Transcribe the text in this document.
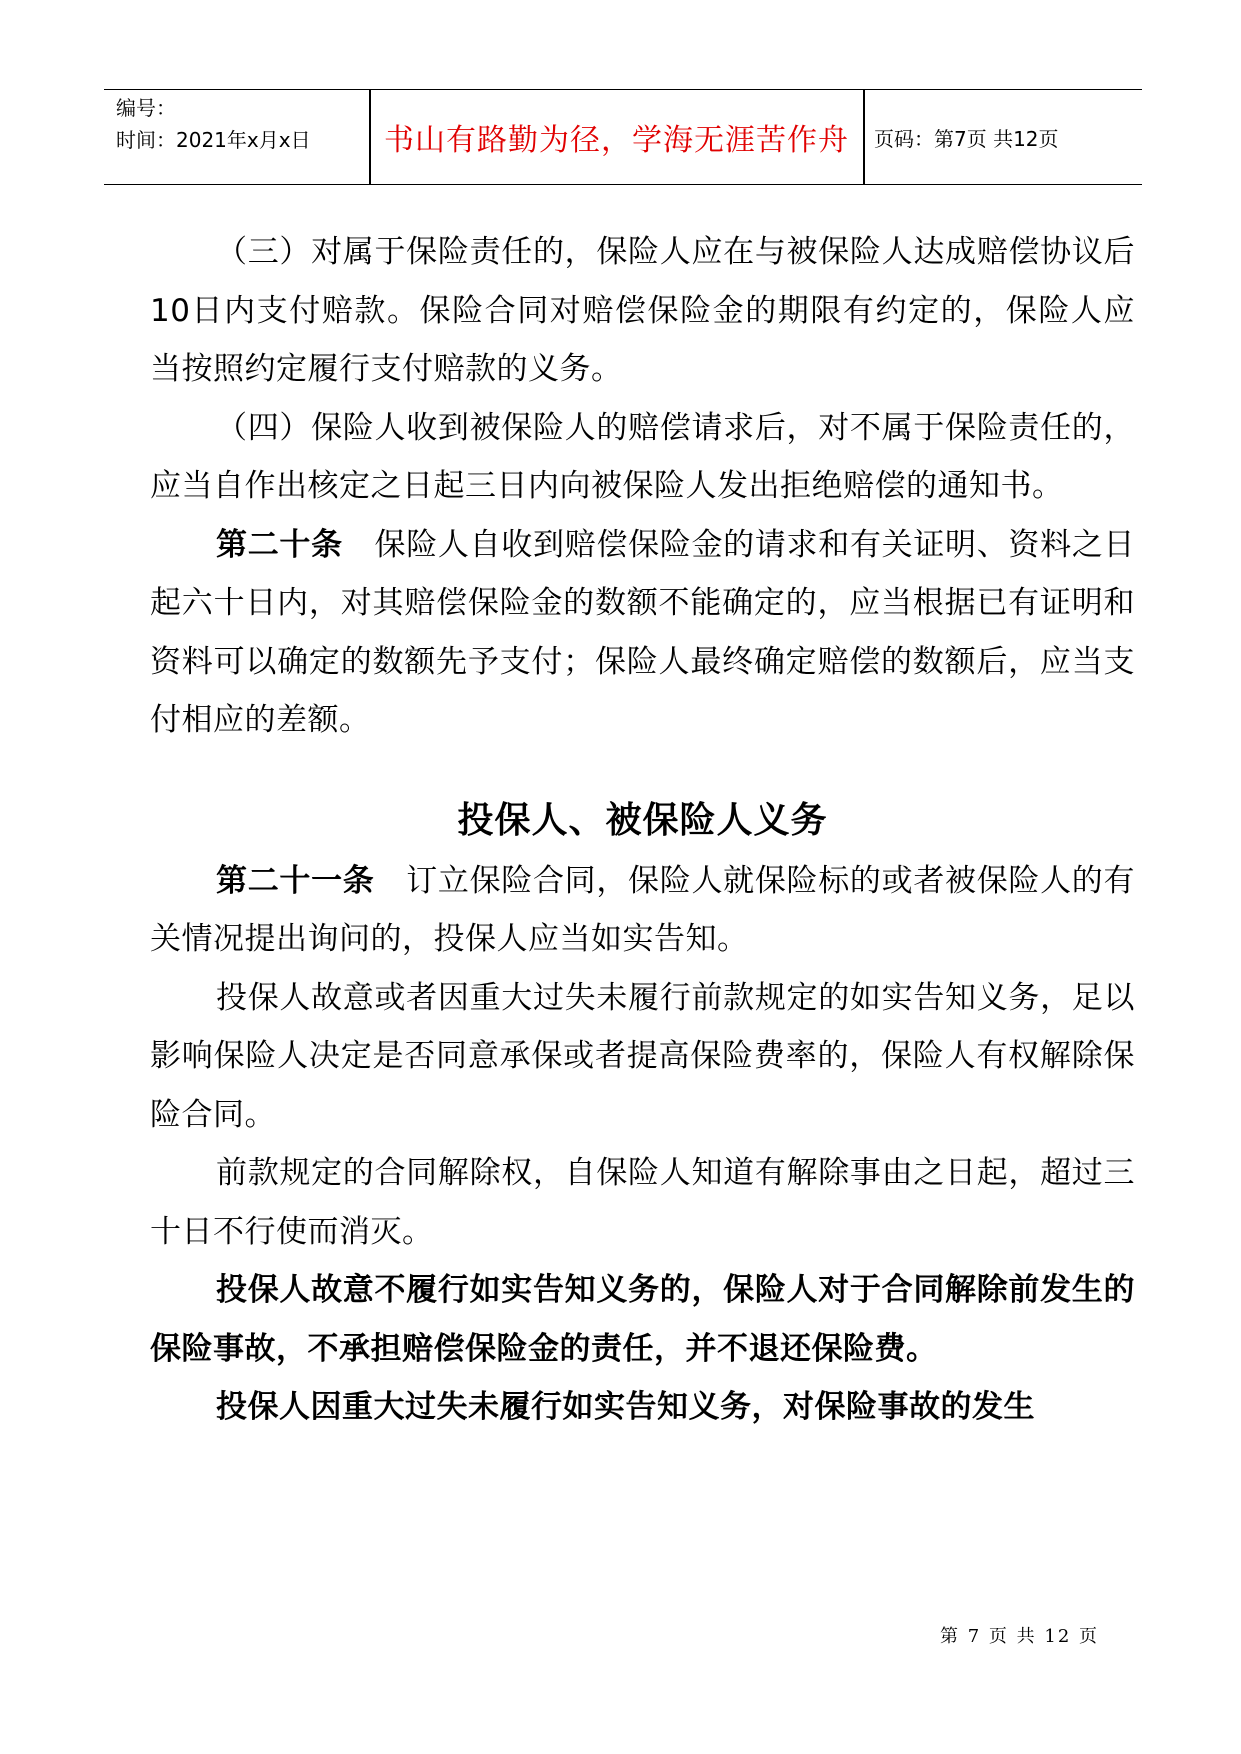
编号：
时间：2021年x月x日	书山有路勤为径，学海无涯苦作舟	页码：第7页 共12页

（三）对属于保险责任的，保险人应在与被保险人达成赔偿协议后10日内支付赔款。保险合同对赔偿保险金的期限有约定的，保险人应当按照约定履行支付赔款的义务。

（四）保险人收到被保险人的赔偿请求后，对不属于保险责任的，应当自作出核定之日起三日内向被保险人发出拒绝赔偿的通知书。

第二十条　 保险人自收到赔偿保险金的请求和有关证明、资料之日起六十日内，对其赔偿保险金的数额不能确定的，应当根据已有证明和资料可以确定的数额先予支付；保险人最终确定赔偿的数额后，应当支付相应的差额。

投保人、被保险人义务

第二十一条　 订立保险合同，保险人就保险标的或者被保险人的有关情况提出询问的，投保人应当如实告知。

投保人故意或者因重大过失未履行前款规定的如实告知义务，足以影响保险人决定是否同意承保或者提高保险费率的，保险人有权解除保险合同。

前款规定的合同解除权，自保险人知道有解除事由之日起，超过三十日不行使而消灭。

投保人故意不履行如实告知义务的，保险人对于合同解除前发生的保险事故，不承担赔偿保险金的责任，并不退还保险费。

投保人因重大过失未履行如实告知义务，对保险事故的发生

第 7 页 共 12 页
